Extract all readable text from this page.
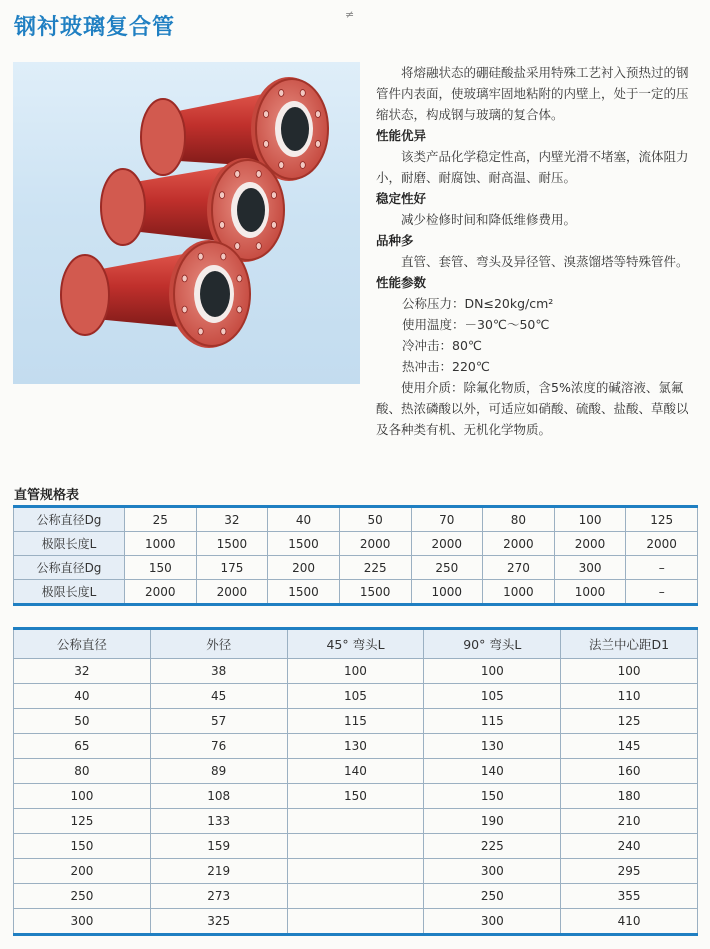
钢衬玻璃复合管
≠

将熔融状态的硼硅酸盐采用特殊工艺衬入预热过的钢管件内表面，使玻璃牢固地粘附的内壁上，处于一定的压缩状态，构成钢与玻璃的复合体。

性能优异

该类产品化学稳定性高，内壁光滑不堵塞，流体阻力小，耐磨、耐腐蚀、耐高温、耐压。

稳定性好

减少检修时间和降低维修费用。

品种多

直管、套管、弯头及异径管、溴蒸馏塔等特殊管件。

性能参数

公称压力：DN≤20kg/cm²

使用温度：－30℃～50℃

冷冲击：80℃

热冲击：220℃

使用介质：除氟化物质，含5%浓度的碱溶液、氯氟酸、热浓磷酸以外，可适应如硝酸、硫酸、盐酸、草酸以及各种类有机、无机化学物质。

直管规格表
公称直径Dg	25	32	40	50	70	80	100	125
极限长度L	1000	1500	1500	2000	2000	2000	2000	2000
公称直径Dg	150	175	200	225	250	270	300	–
极限长度L	2000	2000	1500	1500	1000	1000	1000	–
公称直径	外径	45° 弯头L	90° 弯头L	法兰中心距D1
32	38	100	100	100
40	45	105	105	110
50	57	115	115	125
65	76	130	130	145
80	89	140	140	160
100	108	150	150	180
125	133		190	210
150	159		225	240
200	219		300	295
250	273		250	355
300	325		300	410
